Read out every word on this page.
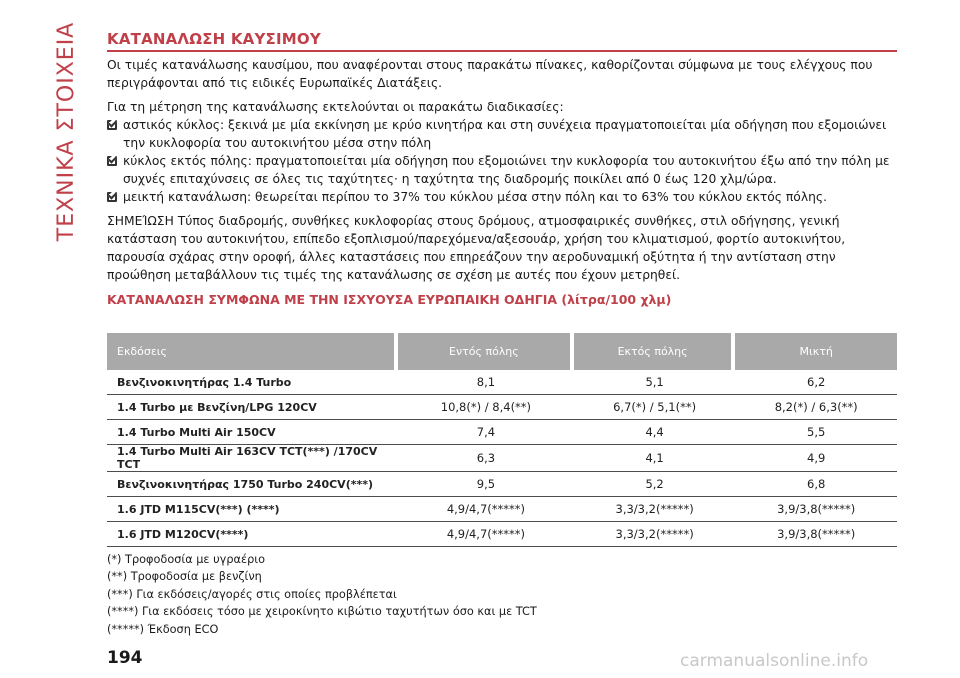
ΤΕΧΝΙΚΑ ΣΤΟΙΧΕΙΑ ΚΑΤΑΝΑΛΩΣΗ ΚΑΥΣΙΜΟΥ

Οι τιμές κατανάλωσης καυσίμου, που αναφέρονται στους παρακάτω πίνακες, καθορίζονται σύμφωνα με τους ελέγχους που περιγράφονται από τις ειδικές Ευρωπαϊκές Διατάξεις.

Για τη μέτρηση της κατανάλωσης εκτελούνται οι παρακάτω διαδικασίες:

αστικός κύκλος: ξεκινά με μία εκκίνηση με κρύο κινητήρα και στη συνέχεια πραγματοποιείται μία οδήγηση που εξομοιώνει την κυκλοφορία του αυτοκινήτου μέσα στην πόλη
κύκλος εκτός πόλης: πραγματοποιείται μία οδήγηση που εξομοιώνει την κυκλοφορία του αυτοκινήτου έξω από την πόλη με συχνές επιταχύνσεις σε όλες τις ταχύτητες· η ταχύτητα της διαδρομής ποικίλει από 0 έως 120 χλμ/ώρα.
μεικτή κατανάλωση: θεωρείται περίπου το 37% του κύκλου μέσα στην πόλη και το 63% του κύκλου εκτός πόλης.

ΣΗΜΕΊΩΣΗ Τύπος διαδρομής, συνθήκες κυκλοφορίας στους δρόμους, ατμοσφαιρικές συνθήκες, στιλ οδήγησης, γενική κατάσταση του αυτοκινήτου, επίπεδο εξοπλισμού/παρεχόμενα/αξεσουάρ, χρήση του κλιματισμού, φορτίο αυτοκινήτου, παρουσία σχάρας στην οροφή, άλλες καταστάσεις που επηρεάζουν την αεροδυναμική οξύτητα ή την αντίσταση στην προώθηση μεταβάλλουν τις τιμές της κατανάλωσης σε σχέση με αυτές που έχουν μετρηθεί.

ΚΑΤΑΝΑΛΩΣΗ ΣΥΜΦΩΝΑ ΜΕ ΤΗΝ ΙΣΧΥΟΥΣΑ ΕΥΡΩΠΑΙΚΗ ΟΔΗΓΙΑ (λίτρα/100 χλμ)
Εκδόσεις	Εντός πόλης	Εκτός πόλης	Μικτή
Βενζινοκινητήρας 1.4 Turbo	8,1	5,1	6,2
1.4 Turbo με Βενζίνη/LPG 120CV	10,8(*) / 8,4(**)	6,7(*) / 5,1(**)	8,2(*) / 6,3(**)
1.4 Turbo Multi Air 150CV	7,4	4,4	5,5
1.4 Turbo Multi Air 163CV TCT(***) /170CV TCT	6,3	4,1	4,9
Βενζινοκινητήρας 1750 Turbo 240CV(***)	9,5	5,2	6,8
1.6 JTD M115CV(***) (****)	4,9/4,7(*****)	3,3/3,2(*****)	3,9/3,8(*****)
1.6 JTD M120CV(****)	4,9/4,7(*****)	3,3/3,2(*****)	3,9/3,8(*****)
(*) Τροφοδοσία με υγραέριο
(**) Τροφοδοσία με βενζίνη
(***) Για εκδόσεις/αγορές στις οποίες προβλέπεται
(****) Για εκδόσεις τόσο με χειροκίνητο κιβώτιο ταχυτήτων όσο και με TCT
(*****) Έκδοση ECO
194	carmanualsonline.info
